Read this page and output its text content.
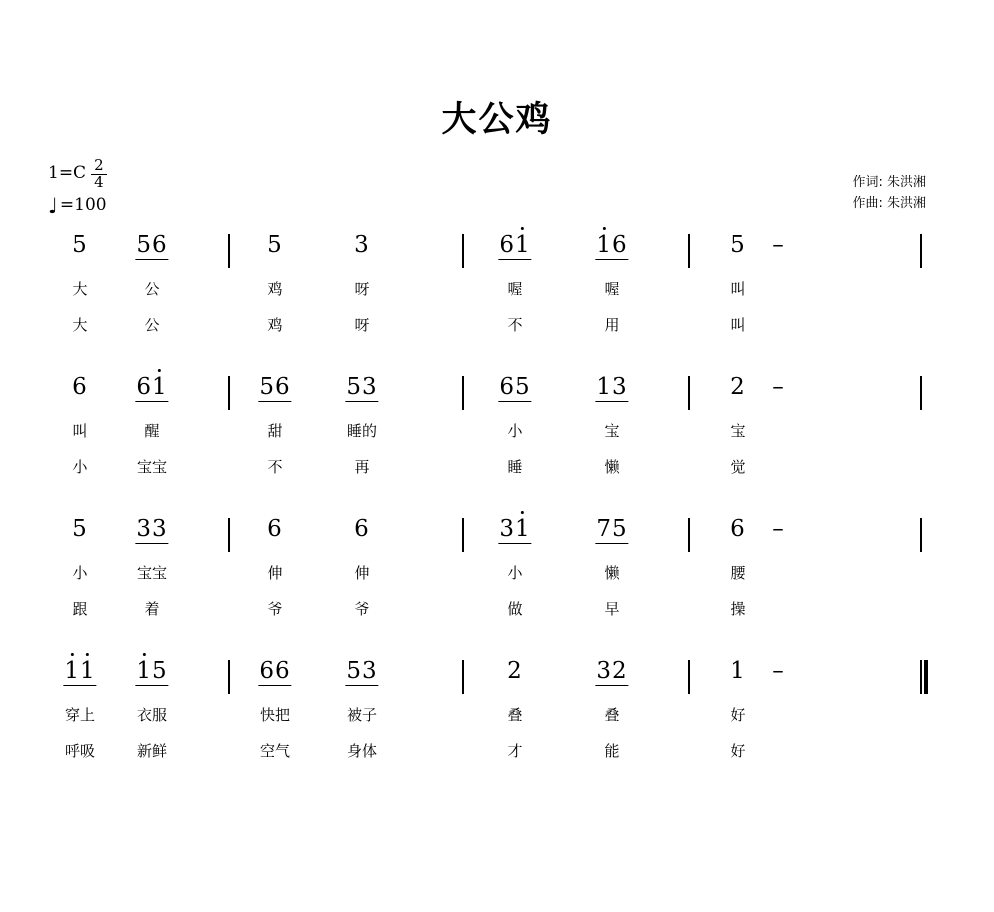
大公鸡
$1=C \frac{2}{4}$
♩ =100
作词: 朱洪湘
作曲: 朱洪湘
5 56	5	3	61	16	5 –
大	公	鸡	呀	喔	喔	叫
大	公	鸡	呀	不	用	叫
6 61	56 53	65	13	2 –
叫	醒	甜	睡的	小	宝	宝
小	宝宝	不	再	睡	懒	觉
5 33	6	6	31	75	6 –
小	宝宝	伸	伸	小	懒	腰
跟	着	爷	爷	做	早	操
11 15	66 53	2	32	1 –
穿上	衣服	快把	被子	叠	叠	好
呼吸	新鲜	空气	身体	才	能	好
